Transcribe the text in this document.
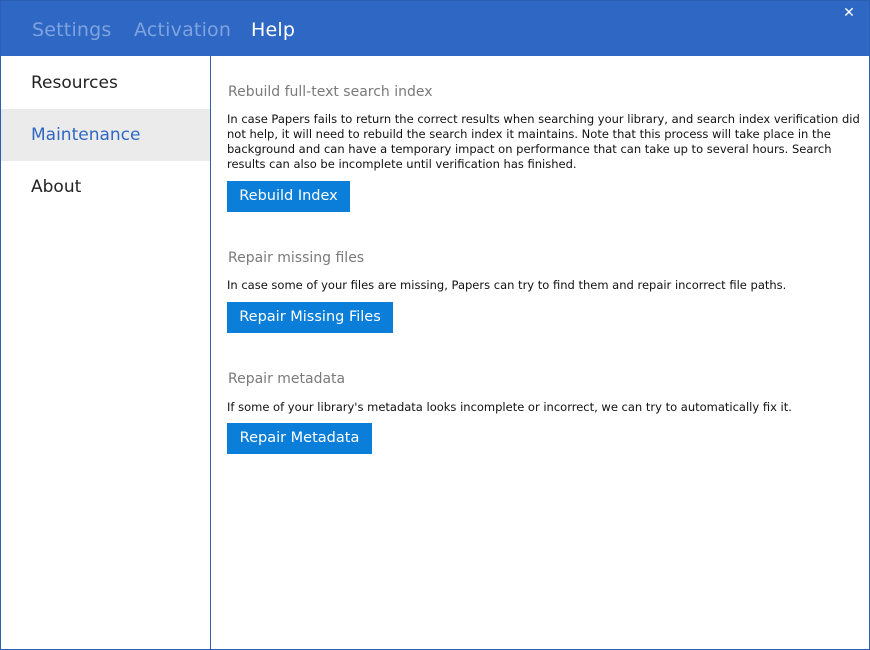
Settings Activation Help
✕
Resources
Maintenance
About
Rebuild full-text search index
In case Papers fails to return the correct results when searching your library, and search index verification did not help, it will need to rebuild the search index it maintains. Note that this process will take place in the background and can have a temporary impact on performance that can take up to several hours. Search results can also be incomplete until verification has finished.
Rebuild Index
Repair missing files
In case some of your files are missing, Papers can try to find them and repair incorrect file paths.
Repair Missing Files
Repair metadata
If some of your library's metadata looks incomplete or incorrect, we can try to automatically fix it.
Repair Metadata
